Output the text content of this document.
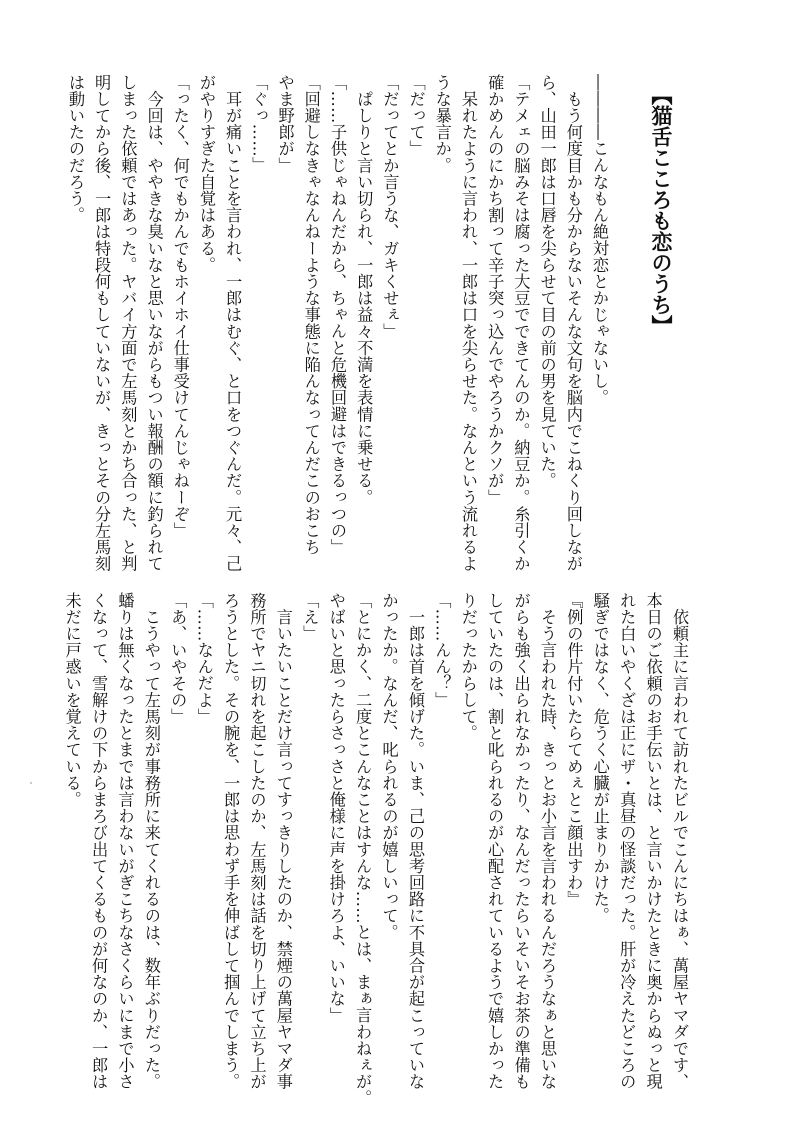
【猫舌こころも恋のうち】
――――こんなもん絶対恋とかじゃないし。
　もう何度目かも分からないそんな文句を脳内でこねくり回しなが
ら、山田一郎は口唇を尖らせて目の前の男を見ていた。
「テメェの脳みそは腐った大豆でできてんのか。納豆か。糸引くか
確かめんのにかち割って辛子突っ込んでやろうかクソが」
　呆れたように言われ、一郎は口を尖らせた。なんという流れるよ
うな暴言か。
「だって」
「だってとか言うな、ガキくせぇ」
　ぱしりと言い切られ、一郎は益々不満を表情に乗せる。
「……子供じゃねんだから、ちゃんと危機回避はできるっつの」
「回避しなきゃなんねーような事態に陥んなってんだこのおこち
やま野郎が」
「ぐっ……」
　耳が痛いことを言われ、一郎はむぐ、と口をつぐんだ。元々、己
がやりすぎた自覚はある。
「ったく、何でもかんでもホイホイ仕事受けてんじゃねーぞ」
　今回は、ややきな臭いなと思いながらもつい報酬の額に釣られて
しまった依頼ではあった。ヤバイ方面で左馬刻とかち合った、と判
明してから後、一郎は特段何もしていないが、きっとその分左馬刻
は動いたのだろう。
　依頼主に言われて訪れたビルでこんにちはぁ、萬屋ヤマダです、
本日のご依頼のお手伝いとは、と言いかけたときに奥からぬっと現
れた白いやくざは正にザ・真昼の怪談だった。肝が冷えたどころの
騒ぎではなく、危うく心臓が止まりかけた。
『例の件片付いたらてめぇとこ顔出すわ』
　そう言われた時、きっとお小言を言われるんだろうなぁと思いな
がらも強く出られなかったり、なんだったらいそいそお茶の準備も
していたのは、割と叱られるのが心配されているようで嬉しかった
りだったからして。
「……んん？」
　一郎は首を傾げた。いま、己の思考回路に不具合が起こっていな
かったか。なんだ、叱られるのが嬉しいって。
「とにかく、二度とこんなことはすんな……とは、まぁ言わねぇが。
やばいと思ったらさっさと俺様に声を掛けろよ、いいな」
「え」
　言いたいことだけ言ってすっきりしたのか、禁煙の萬屋ヤマダ事
務所でヤニ切れを起こしたのか、左馬刻は話を切り上げて立ち上が
ろうとした。その腕を、一郎は思わず手を伸ばして掴んでしまう。
「……なんだよ」
「あ、いやその」
　こうやって左馬刻が事務所に来てくれるのは、数年ぶりだった。
蟠りは無くなったとまでは言わないがぎこちなさくらいにまで小さ
くなって、雪解けの下からまろび出てくるものが何なのか、一郎は
未だに戸惑いを覚えている。
